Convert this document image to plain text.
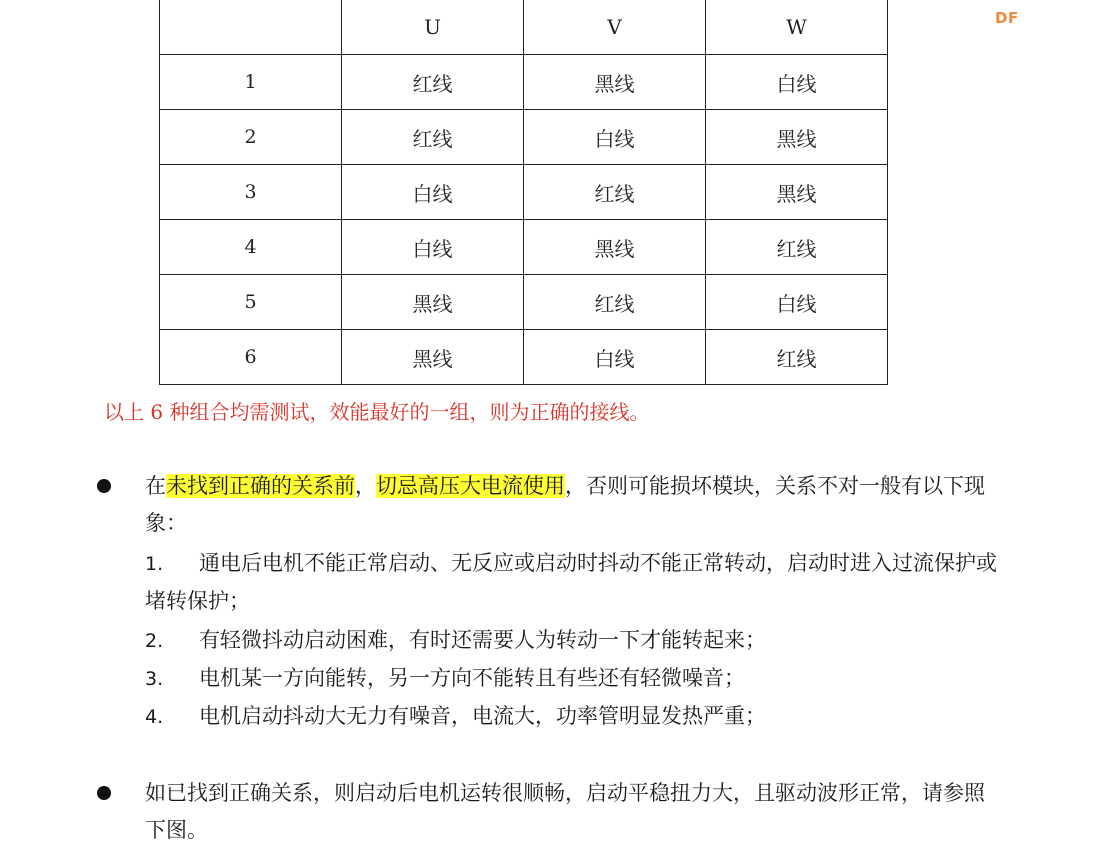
DF
	U	V	W
1	红线	黑线	白线
2	红线	白线	黑线
3	白线	红线	黑线
4	白线	黑线	红线
5	黑线	红线	白线
6	黑线	白线	红线
以上 6 种组合均需测试，效能最好的一组，则为正确的接线。
在未找到正确的关系前，切忌高压大电流使用，否则可能损坏模块，关系不对一般有以下现象：
1. 通电后电机不能正常启动、无反应或启动时抖动不能正常转动，启动时进入过流保护或堵转保护；
2. 有轻微抖动启动困难，有时还需要人为转动一下才能转起来；
3. 电机某一方向能转，另一方向不能转且有些还有轻微噪音；
4. 电机启动抖动大无力有噪音，电流大，功率管明显发热严重；
如已找到正确关系，则启动后电机运转很顺畅，启动平稳扭力大，且驱动波形正常，请参照下图。
